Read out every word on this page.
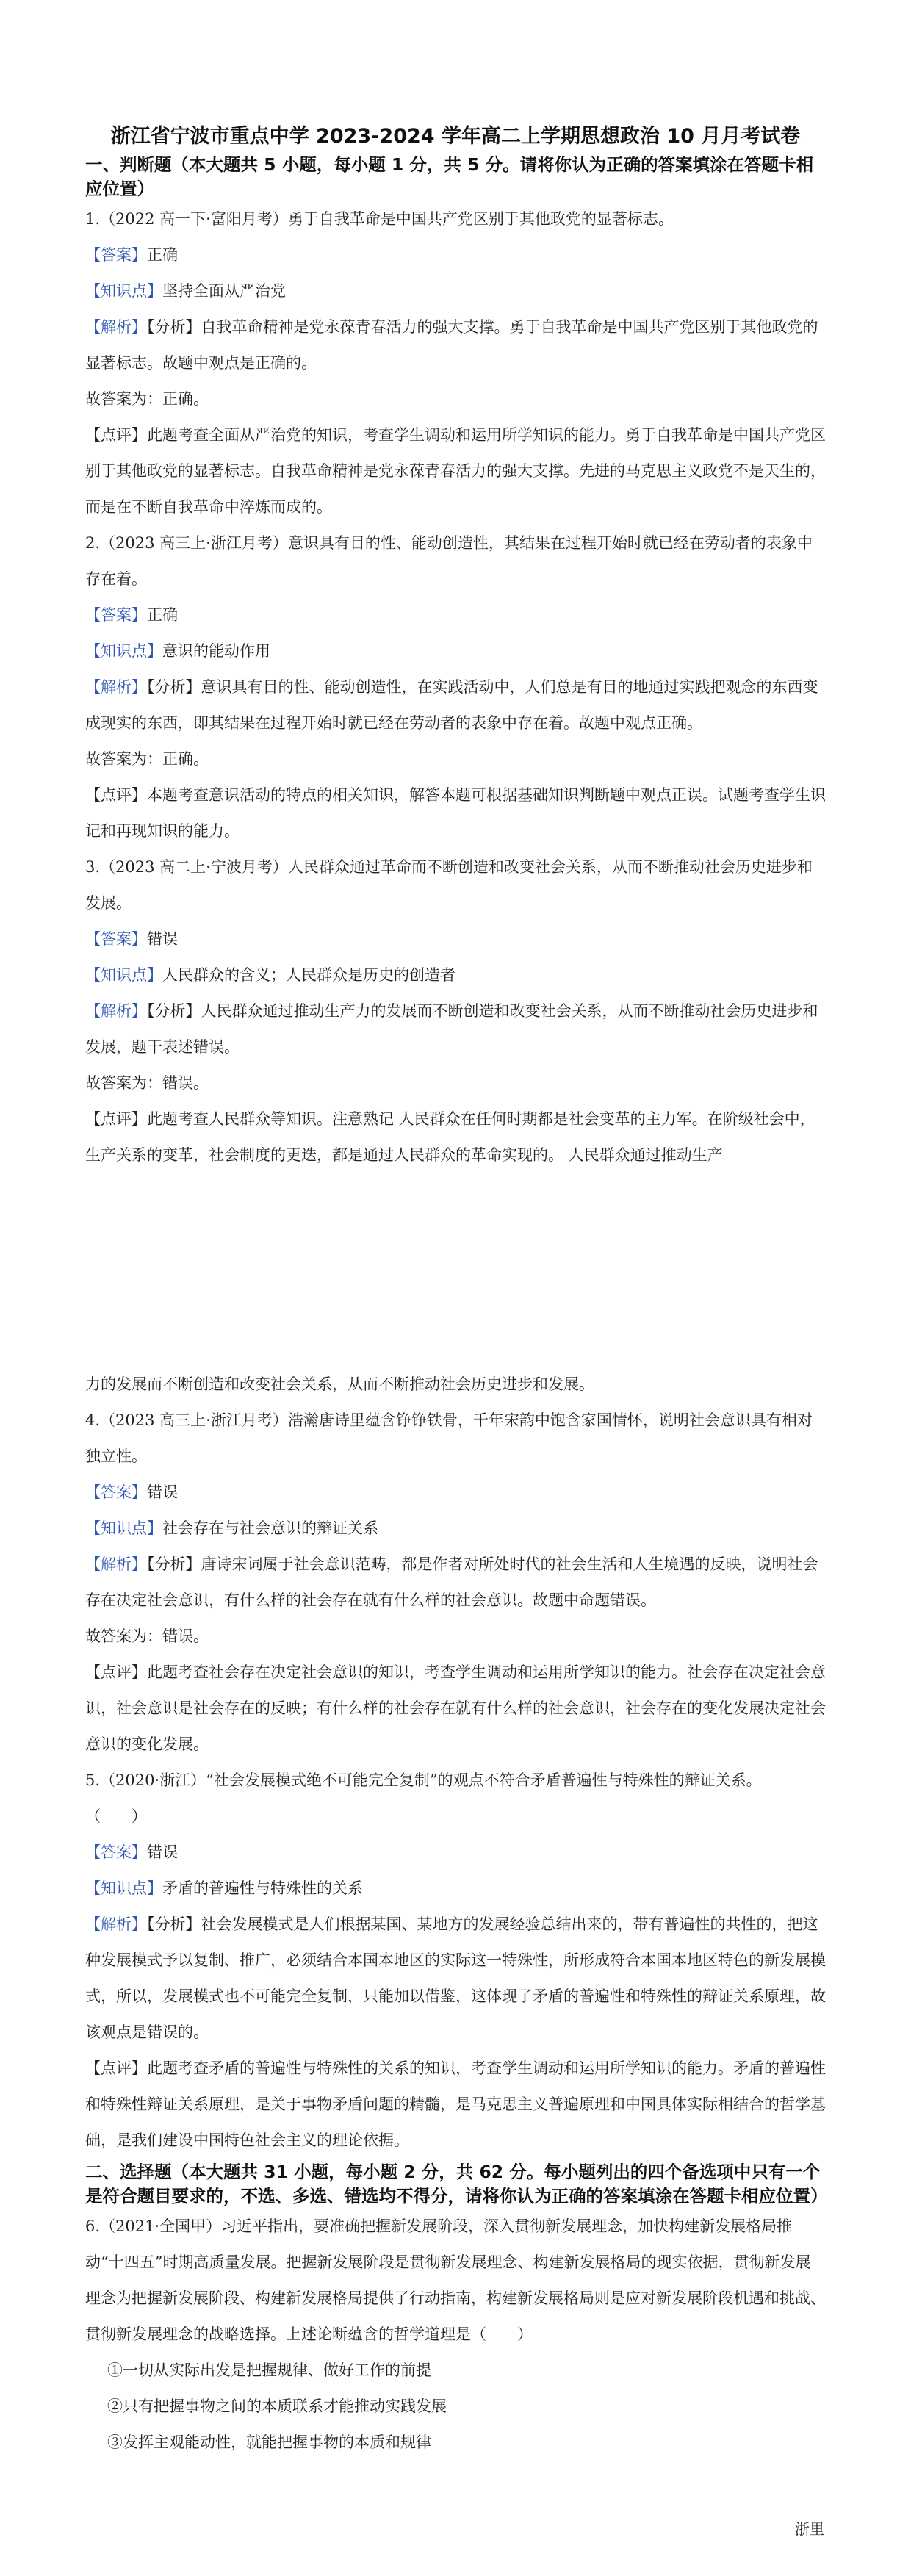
浙江省宁波市重点中学 2023-2024 学年高二上学期思想政治 10 月月考试卷

一、判断题（本大题共 5 小题，每小题 1 分，共 5 分。请将你认为正确的答案填涂在答题卡相应位置）

1.（2022 高一下·富阳月考）勇于自我革命是中国共产党区别于其他政党的显著标志。

【答案】正确

【知识点】坚持全面从严治党

【解析】【分析】自我革命精神是党永葆青春活力的强大支撑。勇于自我革命是中国共产党区别于其他政党的显著标志。故题中观点是正确的。

故答案为：正确。

【点评】此题考查全面从严治党的知识，考查学生调动和运用所学知识的能力。勇于自我革命是中国共产党区别于其他政党的显著标志。自我革命精神是党永葆青春活力的强大支撑。先进的马克思主义政党不是天生的，而是在不断自我革命中淬炼而成的。

2.（2023 高三上·浙江月考）意识具有目的性、能动创造性，其结果在过程开始时就已经在劳动者的表象中存在着。

【答案】正确

【知识点】意识的能动作用

【解析】【分析】意识具有目的性、能动创造性，在实践活动中，人们总是有目的地通过实践把观念的东西变成现实的东西，即其结果在过程开始时就已经在劳动者的表象中存在着。故题中观点正确。

故答案为：正确。

【点评】本题考查意识活动的特点的相关知识，解答本题可根据基础知识判断题中观点正误。试题考查学生识记和再现知识的能力。

3.（2023 高二上·宁波月考）人民群众通过革命而不断创造和改变社会关系，从而不断推动社会历史进步和发展。

【答案】错误

【知识点】人民群众的含义；人民群众是历史的创造者

【解析】【分析】人民群众通过推动生产力的发展而不断创造和改变社会关系，从而不断推动社会历史进步和发展，题干表述错误。

故答案为：错误。

【点评】此题考查人民群众等知识。注意熟记 人民群众在任何时期都是社会变革的主力军。在阶级社会中，生产关系的变革，社会制度的更迭，都是通过人民群众的革命实现的。 人民群众通过推动生产

力的发展而不断创造和改变社会关系，从而不断推动社会历史进步和发展。

4.（2023 高三上·浙江月考）浩瀚唐诗里蕴含铮铮铁骨，千年宋韵中饱含家国情怀，说明社会意识具有相对独立性。

【答案】错误

【知识点】社会存在与社会意识的辩证关系

【解析】【分析】唐诗宋词属于社会意识范畴，都是作者对所处时代的社会生活和人生境遇的反映，说明社会存在决定社会意识，有什么样的社会存在就有什么样的社会意识。故题中命题错误。

故答案为：错误。

【点评】此题考查社会存在决定社会意识的知识，考查学生调动和运用所学知识的能力。社会存在决定社会意识，社会意识是社会存在的反映；有什么样的社会存在就有什么样的社会意识，社会存在的变化发展决定社会意识的变化发展。

5.（2020·浙江）“社会发展模式绝不可能完全复制”的观点不符合矛盾普遍性与特殊性的辩证关系。

（　　）

【答案】错误

【知识点】矛盾的普遍性与特殊性的关系

【解析】【分析】社会发展模式是人们根据某国、某地方的发展经验总结出来的，带有普遍性的共性的，把这种发展模式予以复制、推广，必须结合本国本地区的实际这一特殊性，所形成符合本国本地区特色的新发展模式，所以，发展模式也不可能完全复制，只能加以借鉴，这体现了矛盾的普遍性和特殊性的辩证关系原理，故该观点是错误的。

【点评】此题考查矛盾的普遍性与特殊性的关系的知识，考查学生调动和运用所学知识的能力。矛盾的普遍性和特殊性辩证关系原理，是关于事物矛盾问题的精髓，是马克思主义普遍原理和中国具体实际相结合的哲学基础，是我们建设中国特色社会主义的理论依据。

二、选择题（本大题共 31 小题，每小题 2 分，共 62 分。每小题列出的四个备选项中只有一个是符合题目要求的，不选、多选、错选均不得分，请将你认为正确的答案填涂在答题卡相应位置）

6.（2021·全国甲）习近平指出，要准确把握新发展阶段，深入贯彻新发展理念，加快构建新发展格局推动“十四五”时期高质量发展。把握新发展阶段是贯彻新发展理念、构建新发展格局的现实依据，贯彻新发展理念为把握新发展阶段、构建新发展格局提供了行动指南，构建新发展格局则是应对新发展阶段机遇和挑战、贯彻新发展理念的战略选择。上述论断蕴含的哲学道理是（　　）

①一切从实际出发是把握规律、做好工作的前提

②只有把握事物之间的本质联系才能推动实践发展

③发挥主观能动性，就能把握事物的本质和规律

浙里
